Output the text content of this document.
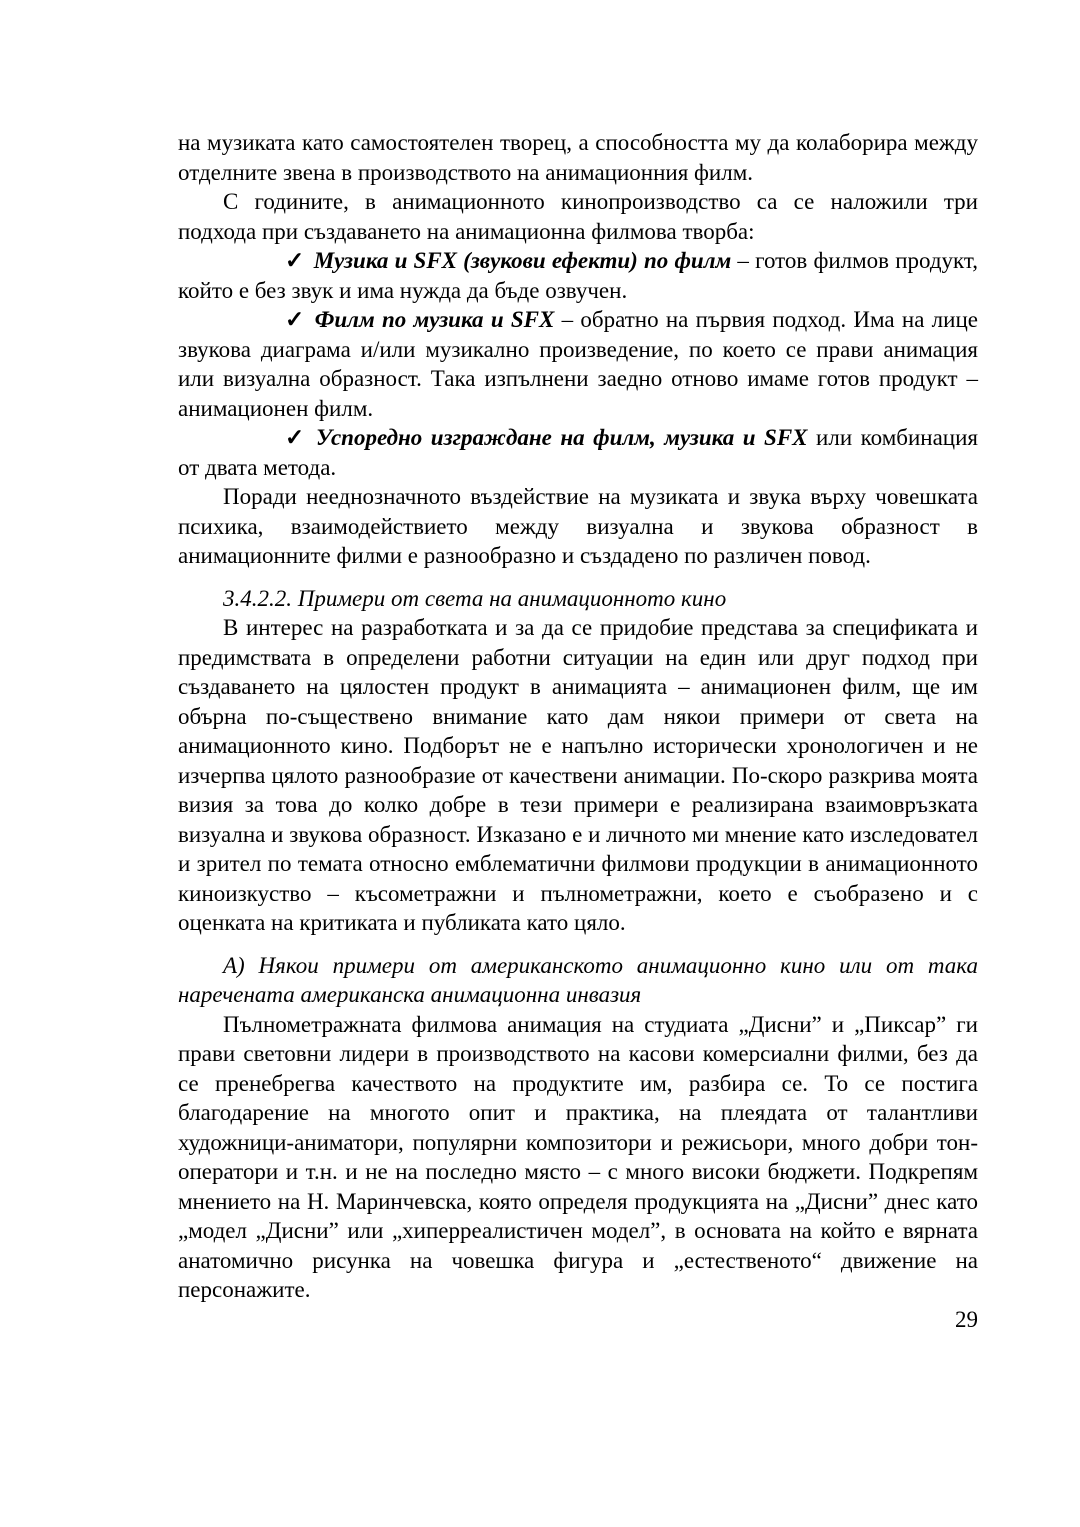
на музиката като самостоятелен творец, а способността му да колаборира между отделните звена в производството на анимационния филм.

С годините, в анимационното кинопроизводство са се наложили три подхода при създаването на анимационна филмова творба:

✓ Музика и SFX (звукови ефекти) по филм – готов филмов продукт, който е без звук и има нужда да бъде озвучен.

✓ Филм по музика и SFX – обратно на първия подход. Има на лице звукова диаграма и/или музикално произведение, по което се прави анимация или визуална образност. Така изпълнени заедно отново имаме готов продукт – анимационен филм.

✓ Успоредно изграждане на филм, музика и SFX или комбинация от двата метода.

Поради нееднозначното въздействие на музиката и звука върху човешката психика, взаимодействието между визуална и звукова образност в анимационните филми е разнообразно и създадено по различен повод.

3.4.2.2. Примери от света на анимационното кино

В интерес на разработката и за да се придобие представа за спецификата и предимствата в определени работни ситуации на един или друг подход при създаването на цялостен продукт в анимацията – анимационен филм, ще им обърна по-съществено внимание като дам някои примери от света на анимационното кино. Подборът не е напълно исторически хронологичен и не изчерпва цялото разнообразие от качествени анимации. По-скоро разкрива моята визия за това до колко добре в тези примери е реализирана взаимовръзката визуална и звукова образност. Изказано е и личното ми мнение като изследовател и зрител по темата относно емблематични филмови продукции в анимационното киноизкуство – късометражни и пълнометражни, което е съобразено и с оценката на критиката и публиката като цяло.

А) Някои примери от американското анимационно кино или от така наречената американска анимационна инвазия

Пълнометражната филмова анимация на студиата „Дисни” и „Пиксар” ги прави световни лидери в производството на касови комерсиални филми, без да се пренебрегва качеството на продуктите им, разбира се. То се постига благодарение на многото опит и практика, на плеядата от талантливи художници-аниматори, популярни композитори и режисьори, много добри тон-оператори и т.н. и не на последно място – с много високи бюджети. Подкрепям мнението на Н. Маринчевска, която определя продукцията на „Дисни” днес като „модел „Дисни” или „хиперреалистичен модел”, в основата на който е вярната анатомично рисунка на човешка фигура и „естественото“ движение на персонажите.

29
